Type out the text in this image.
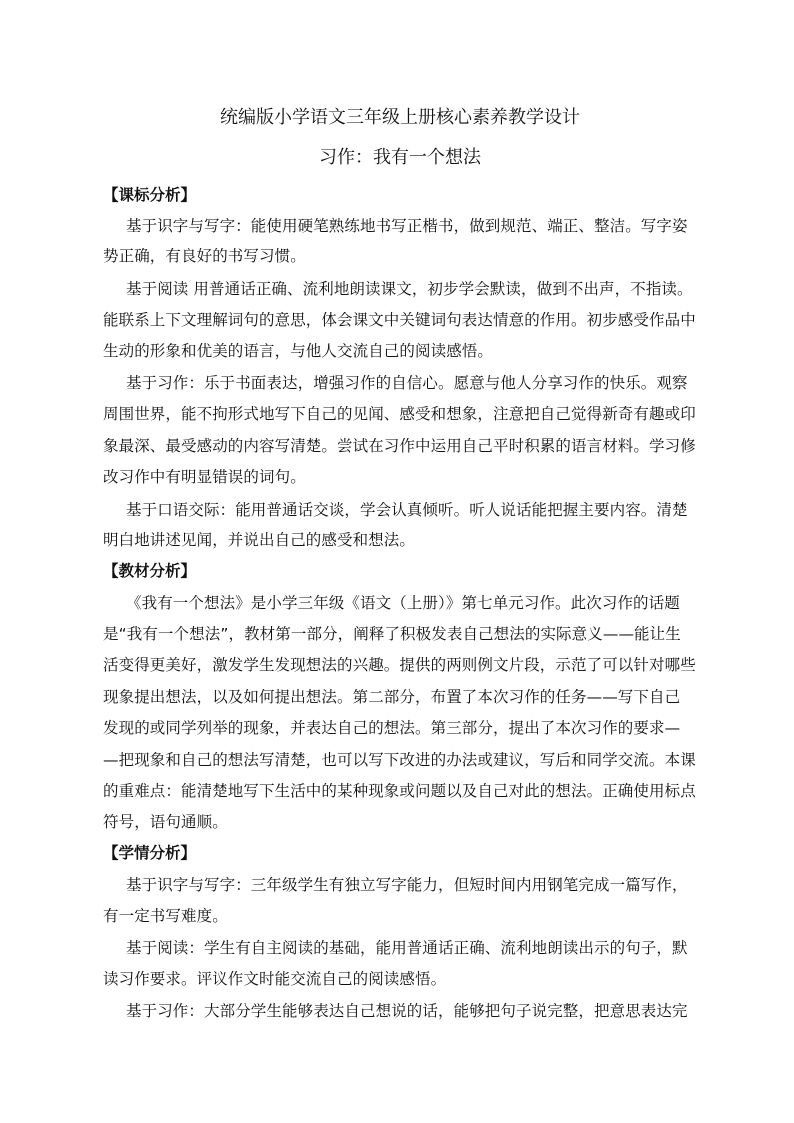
统编版小学语文三年级上册核心素养教学设计
习作：我有一个想法
【课标分析】
基于识字与写字：能使用硬笔熟练地书写正楷书，做到规范、端正、整洁。写字姿
势正确，有良好的书写习惯。
基于阅读 用普通话正确、流利地朗读课文，初步学会默读，做到不出声，不指读。
能联系上下文理解词句的意思，体会课文中关键词句表达情意的作用。初步感受作品中
生动的形象和优美的语言，与他人交流自己的阅读感悟。
基于习作：乐于书面表达，增强习作的自信心。愿意与他人分享习作的快乐。观察
周围世界，能不拘形式地写下自己的见闻、感受和想象，注意把自己觉得新奇有趣或印
象最深、最受感动的内容写清楚。尝试在习作中运用自己平时积累的语言材料。学习修
改习作中有明显错误的词句。
基于口语交际：能用普通话交谈，学会认真倾听。听人说话能把握主要内容。清楚
明白地讲述见闻，并说出自己的感受和想法。
【教材分析】
《我有一个想法》是小学三年级《语文（上册）》第七单元习作。此次习作的话题
是“我有一个想法”，教材第一部分，阐释了积极发表自己想法的实际意义——能让生
活变得更美好，激发学生发现想法的兴趣。提供的两则例文片段，示范了可以针对哪些
现象提出想法，以及如何提出想法。第二部分，布置了本次习作的任务——写下自己
发现的或同学列举的现象，并表达自己的想法。第三部分，提出了本次习作的要求—
—把现象和自己的想法写清楚，也可以写下改进的办法或建议，写后和同学交流。本课
的重难点：能清楚地写下生活中的某种现象或问题以及自己对此的想法。正确使用标点
符号，语句通顺。
【学情分析】
基于识字与写字：三年级学生有独立写字能力，但短时间内用钢笔完成一篇写作，
有一定书写难度。
基于阅读：学生有自主阅读的基础，能用普通话正确、流利地朗读出示的句子，默
读习作要求。评议作文时能交流自己的阅读感悟。
基于习作：大部分学生能够表达自己想说的话，能够把句子说完整，把意思表达完
